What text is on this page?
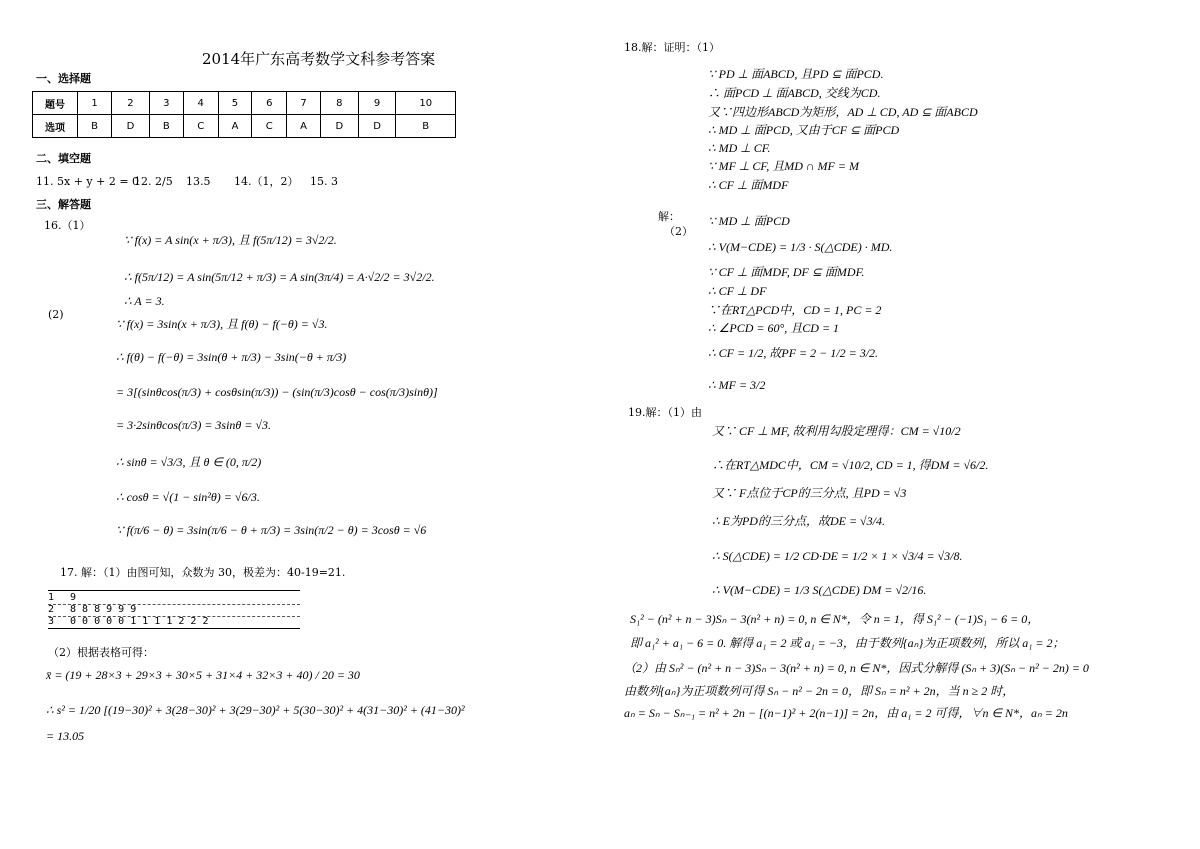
2014年广东高考数学文科参考答案
一、选择题
题号	1	2	3	4	5	6	7	8	9	10
选项	B	D	B	C	A	C	A	D	D	B
二、填空题
11. 5x + y + 2 = 0
12. 2/5 13.5 14.（1，2） 15. 3
三、解答题
16.（1）
∵ f(x) = A sin(x + π/3), 且 f(5π/12) = 3√2/2.
∴ f(5π/12) = A sin(5π/12 + π/3) = A sin(3π/4) = A·√2/2 = 3√2/2.
∴ A = 3.
(2)
∵ f(x) = 3sin(x + π/3), 且 f(θ) − f(−θ) = √3.
∴ f(θ) − f(−θ) = 3sin(θ + π/3) − 3sin(−θ + π/3)
= 3[(sinθcos(π/3) + cosθsin(π/3)) − (sin(π/3)cosθ − cos(π/3)sinθ)]
= 3·2sinθcos(π/3) = 3sinθ = √3.
∴ sinθ = √3/3, 且 θ ∈ (0, π/2)
∴ cosθ = √(1 − sin²θ) = √6/3.
∵ f(π/6 − θ) = 3sin(π/6 − θ + π/3) = 3sin(π/2 − θ) = 3cosθ = √6
17. 解：（1）由图可知，众数为 30，极差为：40-19=21.
1	9
2	8 8 8 9 9 9
3	0 0 0 0 0 1 1 1 1 2 2 2
（2）根据表格可得：
x̄ = (19 + 28×3 + 29×3 + 30×5 + 31×4 + 32×3 + 40) / 20 = 30
∴ s² = 1/20 [(19−30)² + 3(28−30)² + 3(29−30)² + 5(30−30)² + 4(31−30)² + (41−30)²
= 13.05
18.解：证明：（1）
∵ PD ⊥ 面ABCD, 且PD ⊆ 面PCD.
∴ 面PCD ⊥ 面ABCD, 交线为CD.
又∵四边形ABCD为矩形，AD ⊥ CD, AD ⊆ 面ABCD
∴ MD ⊥ 面PCD, 又由于CF ⊆ 面PCD
∴ MD ⊥ CF.
∵ MF ⊥ CF, 且MD ∩ MF = M
∴ CF ⊥ 面MDF
解：
（2）
∵ MD ⊥ 面PCD
∴ V(M−CDE) = 1/3 · S(△CDE) · MD.
∵ CF ⊥ 面MDF, DF ⊆ 面MDF.
∴ CF ⊥ DF
∵在RT△PCD中，CD = 1, PC = 2
∴ ∠PCD = 60°, 且CD = 1
∴ CF = 1/2, 故PF = 2 − 1/2 = 3/2.
∴ MF = 3/2
19.解：（1）由
又∵ CF ⊥ MF, 故利用勾股定理得：CM = √10/2
∴在RT△MDC中，CM = √10/2, CD = 1, 得DM = √6/2.
又∵ F点位于CP的三分点, 且PD = √3
∴ E为PD的三分点，故DE = √3/4.
∴ S(△CDE) = 1/2 CD·DE = 1/2 × 1 × √3/4 = √3/8.
∴ V(M−CDE) = 1/3 S(△CDE) DM = √2/16.
S₁² − (n² + n − 3)Sₙ − 3(n² + n) = 0, n ∈ N*，令 n = 1，得 S₁² − (−1)S₁ − 6 = 0，
即 a₁² + a₁ − 6 = 0. 解得 a₁ = 2 或 a₁ = −3，由于数列{aₙ}为正项数列，所以 a₁ = 2；
（2）由 Sₙ² − (n² + n − 3)Sₙ − 3(n² + n) = 0, n ∈ N*，因式分解得 (Sₙ + 3)(Sₙ − n² − 2n) = 0
由数列{aₙ}为正项数列可得 Sₙ − n² − 2n = 0，即 Sₙ = n² + 2n，当 n ≥ 2 时，
aₙ = Sₙ − Sₙ₋₁ = n² + 2n − [(n−1)² + 2(n−1)] = 2n，由 a₁ = 2 可得，∀n ∈ N*，aₙ = 2n
